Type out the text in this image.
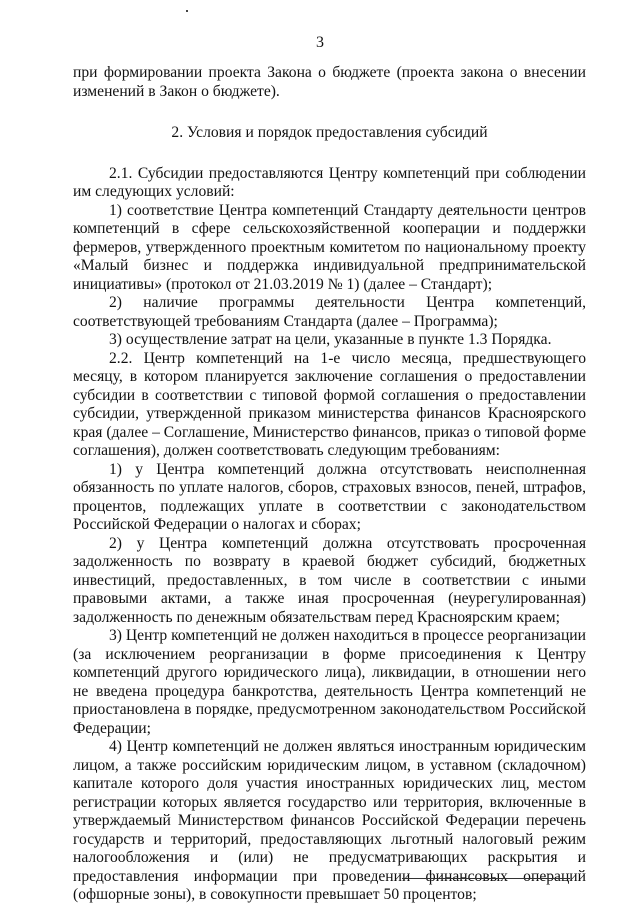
3

при формировании проекта Закона о бюджете (проекта закона о внесении изменений в Закон о бюджете).

2. Условия и порядок предоставления субсидий

2.1. Субсидии предоставляются Центру компетенций при соблюдении им следующих условий:

1) соответствие Центра компетенций Стандарту деятельности центров компетенций в сфере сельскохозяйственной кооперации и поддержки фермеров, утвержденного проектным комитетом по национальному проекту «Малый бизнес и поддержка индивидуальной предпринимательской инициативы» (протокол от 21.03.2019 № 1) (далее – Стандарт);

2) наличие программы деятельности Центра компетенций, соответствующей требованиям Стандарта (далее – Программа);

3) осуществление затрат на цели, указанные в пункте 1.3 Порядка.

2.2. Центр компетенций на 1-е число месяца, предшествующего месяцу, в котором планируется заключение соглашения о предоставлении субсидии в соответствии с типовой формой соглашения о предоставлении субсидии, утвержденной приказом министерства финансов Красноярского края (далее – Соглашение, Министерство финансов, приказ о типовой форме соглашения), должен соответствовать следующим требованиям:

1) у Центра компетенций должна отсутствовать неисполненная обязанность по уплате налогов, сборов, страховых взносов, пеней, штрафов, процентов, подлежащих уплате в соответствии с законодательством Российской Федерации о налогах и сборах;

2) у Центра компетенций должна отсутствовать просроченная задолженность по возврату в краевой бюджет субсидий, бюджетных инвестиций, предоставленных, в том числе в соответствии с иными правовыми актами, а также иная просроченная (неурегулированная) задолженность по денежным обязательствам перед Красноярским краем;

3) Центр компетенций не должен находиться в процессе реорганизации (за исключением реорганизации в форме присоединения к Центру компетенций другого юридического лица), ликвидации, в отношении него не введена процедура банкротства, деятельность Центра компетенций не приостановлена в порядке, предусмотренном законодательством Российской Федерации;

4) Центр компетенций не должен являться иностранным юридическим лицом, а также российским юридическим лицом, в уставном (складочном) капитале которого доля участия иностранных юридических лиц, местом регистрации которых является государство или территория, включенные в утверждаемый Министерством финансов Российской Федерации перечень государств и территорий, предоставляющих льготный налоговый режим налогообложения и (или) не предусматривающих раскрытия и предоставления информации при проведении финансовых операций (офшорные зоны), в совокупности превышает 50 процентов;
